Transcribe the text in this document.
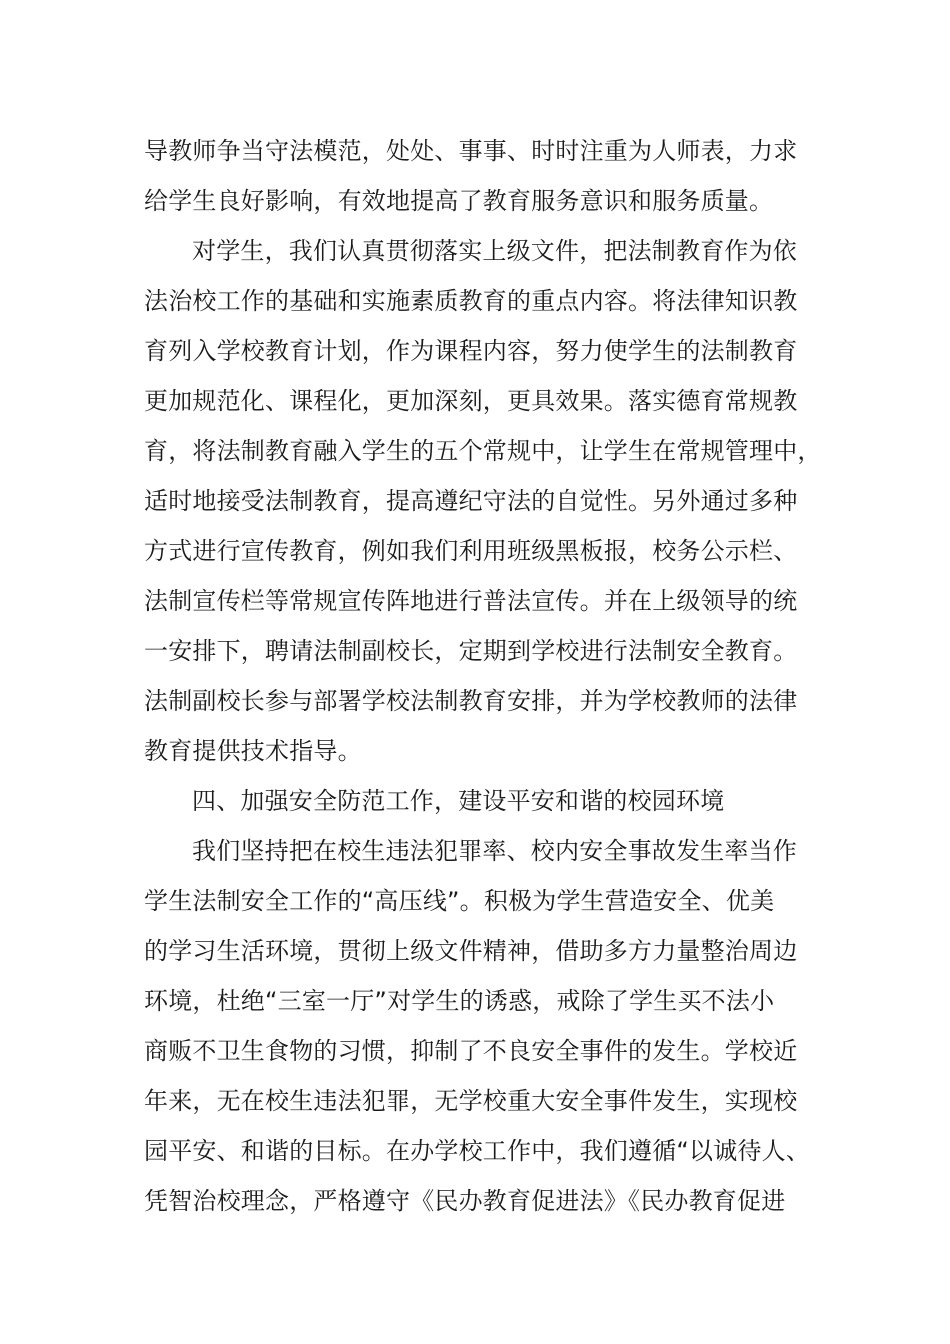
导教师争当守法模范，处处、事事、时时注重为人师表，力求
给学生良好影响，有效地提高了教育服务意识和服务质量。
对学生，我们认真贯彻落实上级文件，把法制教育作为依
法治校工作的基础和实施素质教育的重点内容。将法律知识教
育列入学校教育计划，作为课程内容，努力使学生的法制教育
更加规范化、课程化，更加深刻，更具效果。落实德育常规教
育，将法制教育融入学生的五个常规中，让学生在常规管理中，
适时地接受法制教育，提高遵纪守法的自觉性。另外通过多种
方式进行宣传教育，例如我们利用班级黑板报，校务公示栏、
法制宣传栏等常规宣传阵地进行普法宣传。并在上级领导的统
一安排下，聘请法制副校长，定期到学校进行法制安全教育。
法制副校长参与部署学校法制教育安排，并为学校教师的法律
教育提供技术指导。
四、加强安全防范工作，建设平安和谐的校园环境
我们坚持把在校生违法犯罪率、校内安全事故发生率当作
学生法制安全工作的“高压线”。积极为学生营造安全、优美
的学习生活环境，贯彻上级文件精神，借助多方力量整治周边
环境，杜绝“三室一厅”对学生的诱惑，戒除了学生买不法小
商贩不卫生食物的习惯，抑制了不良安全事件的发生。学校近
年来，无在校生违法犯罪，无学校重大安全事件发生，实现校
园平安、和谐的目标。在办学校工作中，我们遵循“以诚待人、
凭智治校理念，严格遵守《民办教育促进法》《民办教育促进
